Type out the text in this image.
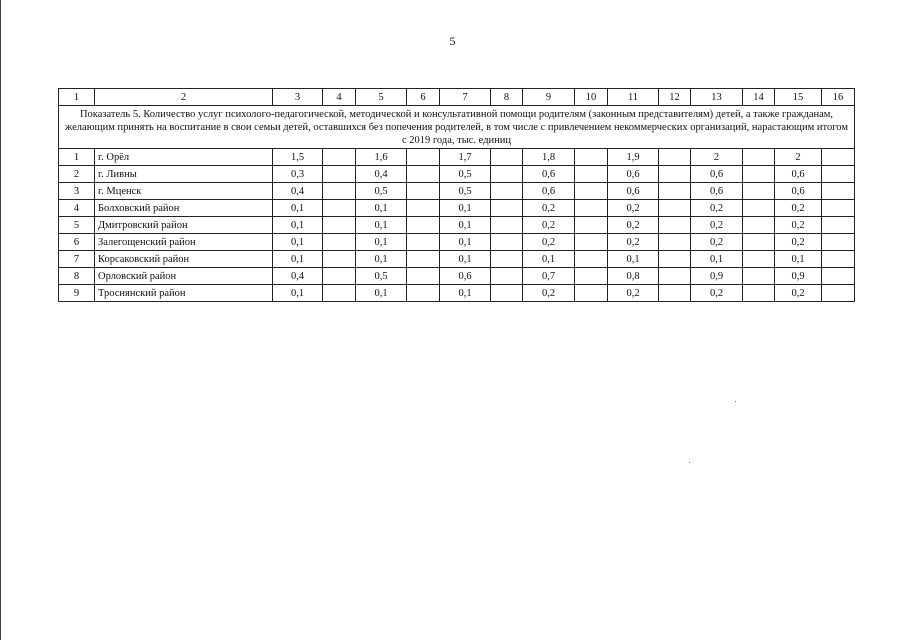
5
1	2	3	4	5	6	7	8	9	10	11	12	13	14	15	16
Показатель 5. Количество услуг психолого-педагогической, методической и консультативной помощи родителям (законным представителям) детей, а также гражданам, желающим принять на воспитание в свои семьи детей, оставшихся без попечения родителей, в том числе с привлечением некоммерческих организаций, нарастающим итогом с 2019 года, тыс. единиц															
1	г. Орёл	1,5		1,6		1,7		1,8		1,9		2		2	
2	г. Ливны	0,3		0,4		0,5		0,6		0,6		0,6		0,6	
3	г. Мценск	0,4		0,5		0,5		0,6		0,6		0,6		0,6	
4	Болховский район	0,1		0,1		0,1		0,2		0,2		0,2		0,2	
5	Дмитровский район	0,1		0,1		0,1		0,2		0,2		0,2		0,2	
6	Залегощенский район	0,1		0,1		0,1		0,2		0,2		0,2		0,2	
7	Корсаковский район	0,1		0,1		0,1		0,1		0,1		0,1		0,1	
8	Орловский район	0,4		0,5		0,6		0,7		0,8		0,9		0,9	
9	Троснянский район	0,1		0,1		0,1		0,2		0,2		0,2		0,2	
